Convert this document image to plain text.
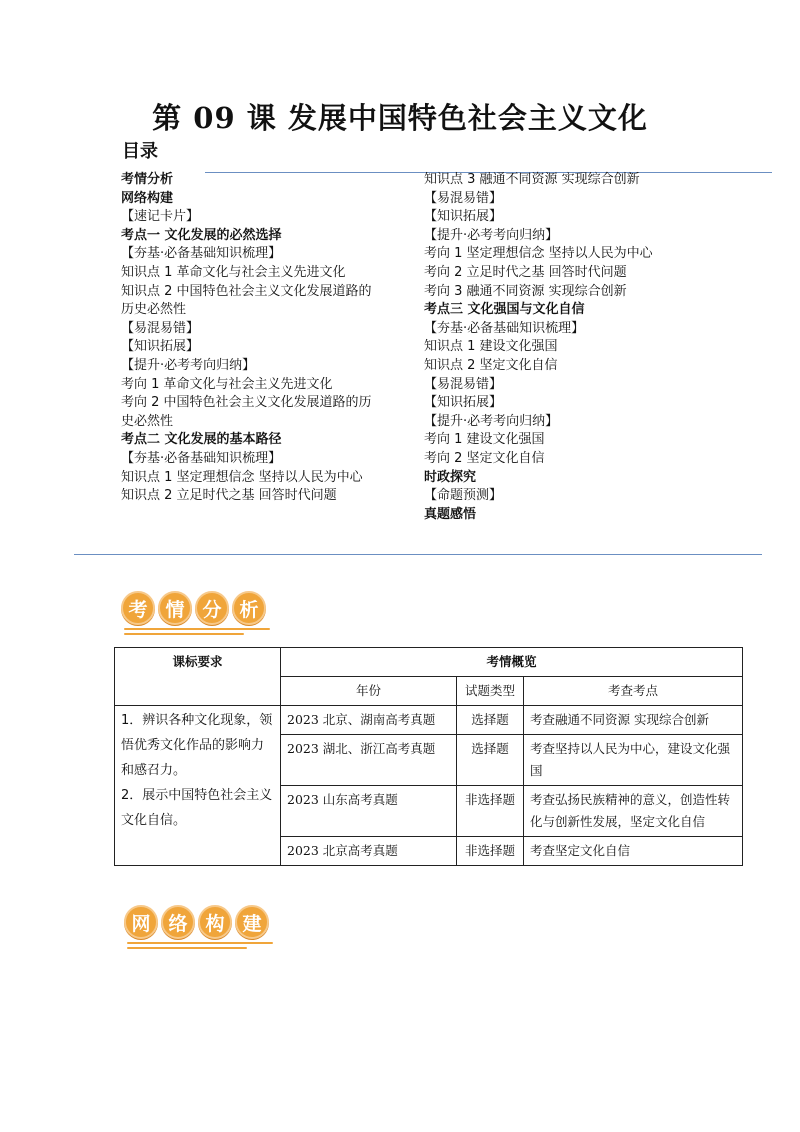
第 09 课 发展中国特色社会主义文化
目录
考情分析
网络构建
【速记卡片】
考点一 文化发展的必然选择
【夯基·必备基础知识梳理】
知识点 1 革命文化与社会主义先进文化
知识点 2 中国特色社会主义文化发展道路的历史必然性
【易混易错】
【知识拓展】
【提升·必考考向归纳】
考向 1 革命文化与社会主义先进文化
考向 2 中国特色社会主义文化发展道路的历史必然性
考点二 文化发展的基本路径
【夯基·必备基础知识梳理】
知识点 1 坚定理想信念 坚持以人民为中心
知识点 2 立足时代之基 回答时代问题
知识点 3 融通不同资源 实现综合创新
【易混易错】
【知识拓展】
【提升·必考考向归纳】
考向 1 坚定理想信念 坚持以人民为中心
考向 2 立足时代之基 回答时代问题
考向 3 融通不同资源 实现综合创新
考点三 文化强国与文化自信
【夯基·必备基础知识梳理】
知识点 1 建设文化强国
知识点 2 坚定文化自信
【易混易错】
【知识拓展】
【提升·必考考向归纳】
考向 1 建设文化强国
考向 2 坚定文化自信
时政探究
【命题预测】
真题感悟
考 情 分 析
课标要求	考情概览		
	年份	试题类型	考查考点

1．辨识各种文化现象，领悟优秀文化作品的影响力和感召力。
2．展示中国特色社会主义文化自信。	2023 北京、湖南高考真题	选择题	考查融通不同资源 实现综合创新
	2023 湖北、浙江高考真题	选择题	考查坚持以人民为中心，建设文化强国
	2023 山东高考真题	非选择题	考查弘扬民族精神的意义，创造性转化与创新性发展，坚定文化自信
	2023 北京高考真题	非选择题	考查坚定文化自信
网 络 构 建
